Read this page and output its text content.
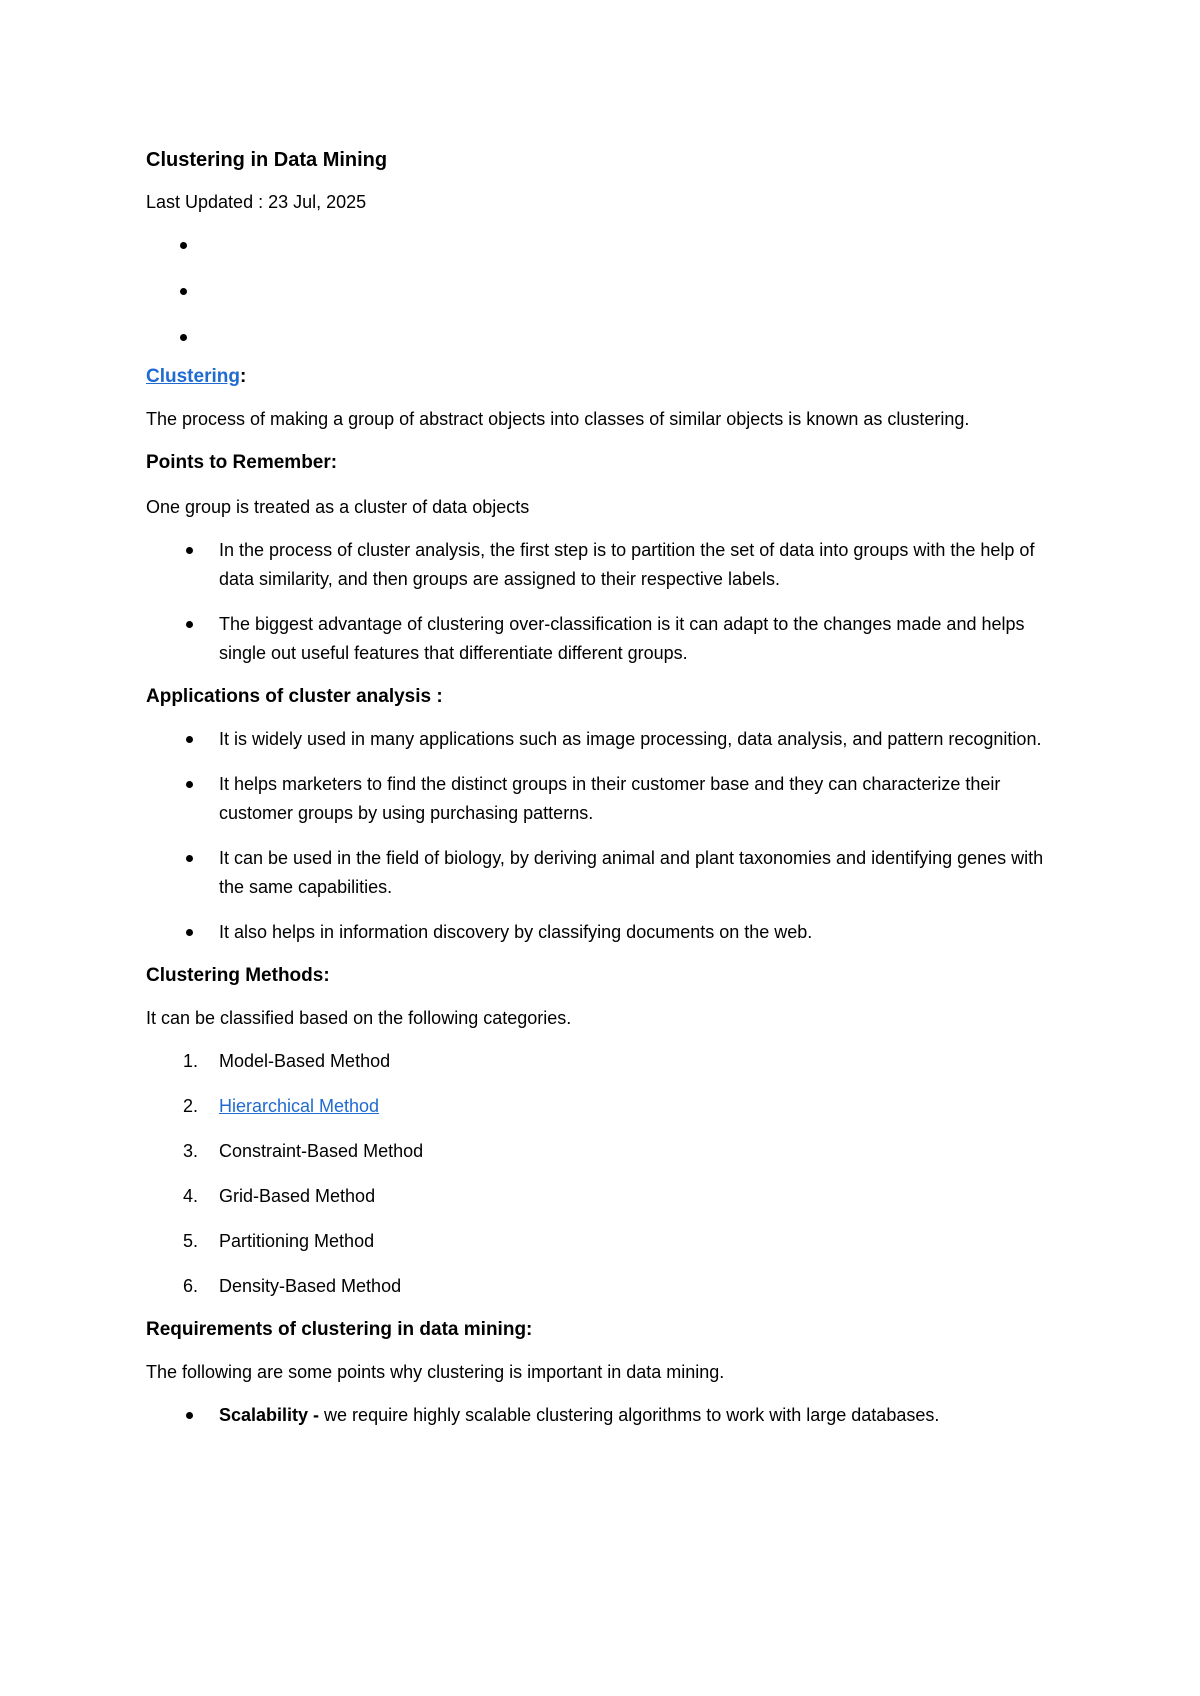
Clustering in Data Mining
Last Updated : 23 Jul, 2025
Clustering:

The process of making a group of abstract objects into classes of similar objects is known as clustering.

Points to Remember:

One group is treated as a cluster of data objects

In the process of cluster analysis, the first step is to partition the set of data into groups with the help of data similarity, and then groups are assigned to their respective labels.
The biggest advantage of clustering over-classification is it can adapt to the changes made and helps single out useful features that differentiate different groups.
Applications of cluster analysis :
It is widely used in many applications such as image processing, data analysis, and pattern recognition.
It helps marketers to find the distinct groups in their customer base and they can characterize their customer groups by using purchasing patterns.
It can be used in the field of biology, by deriving animal and plant taxonomies and identifying genes with the same capabilities.
It also helps in information discovery by classifying documents on the web.
Clustering Methods:

It can be classified based on the following categories.

1. Model-Based Method
2. Hierarchical Method
3. Constraint-Based Method
4. Grid-Based Method
5. Partitioning Method
6. Density-Based Method
Requirements of clustering in data mining:

The following are some points why clustering is important in data mining.

Scalability - we require highly scalable clustering algorithms to work with large databases.
